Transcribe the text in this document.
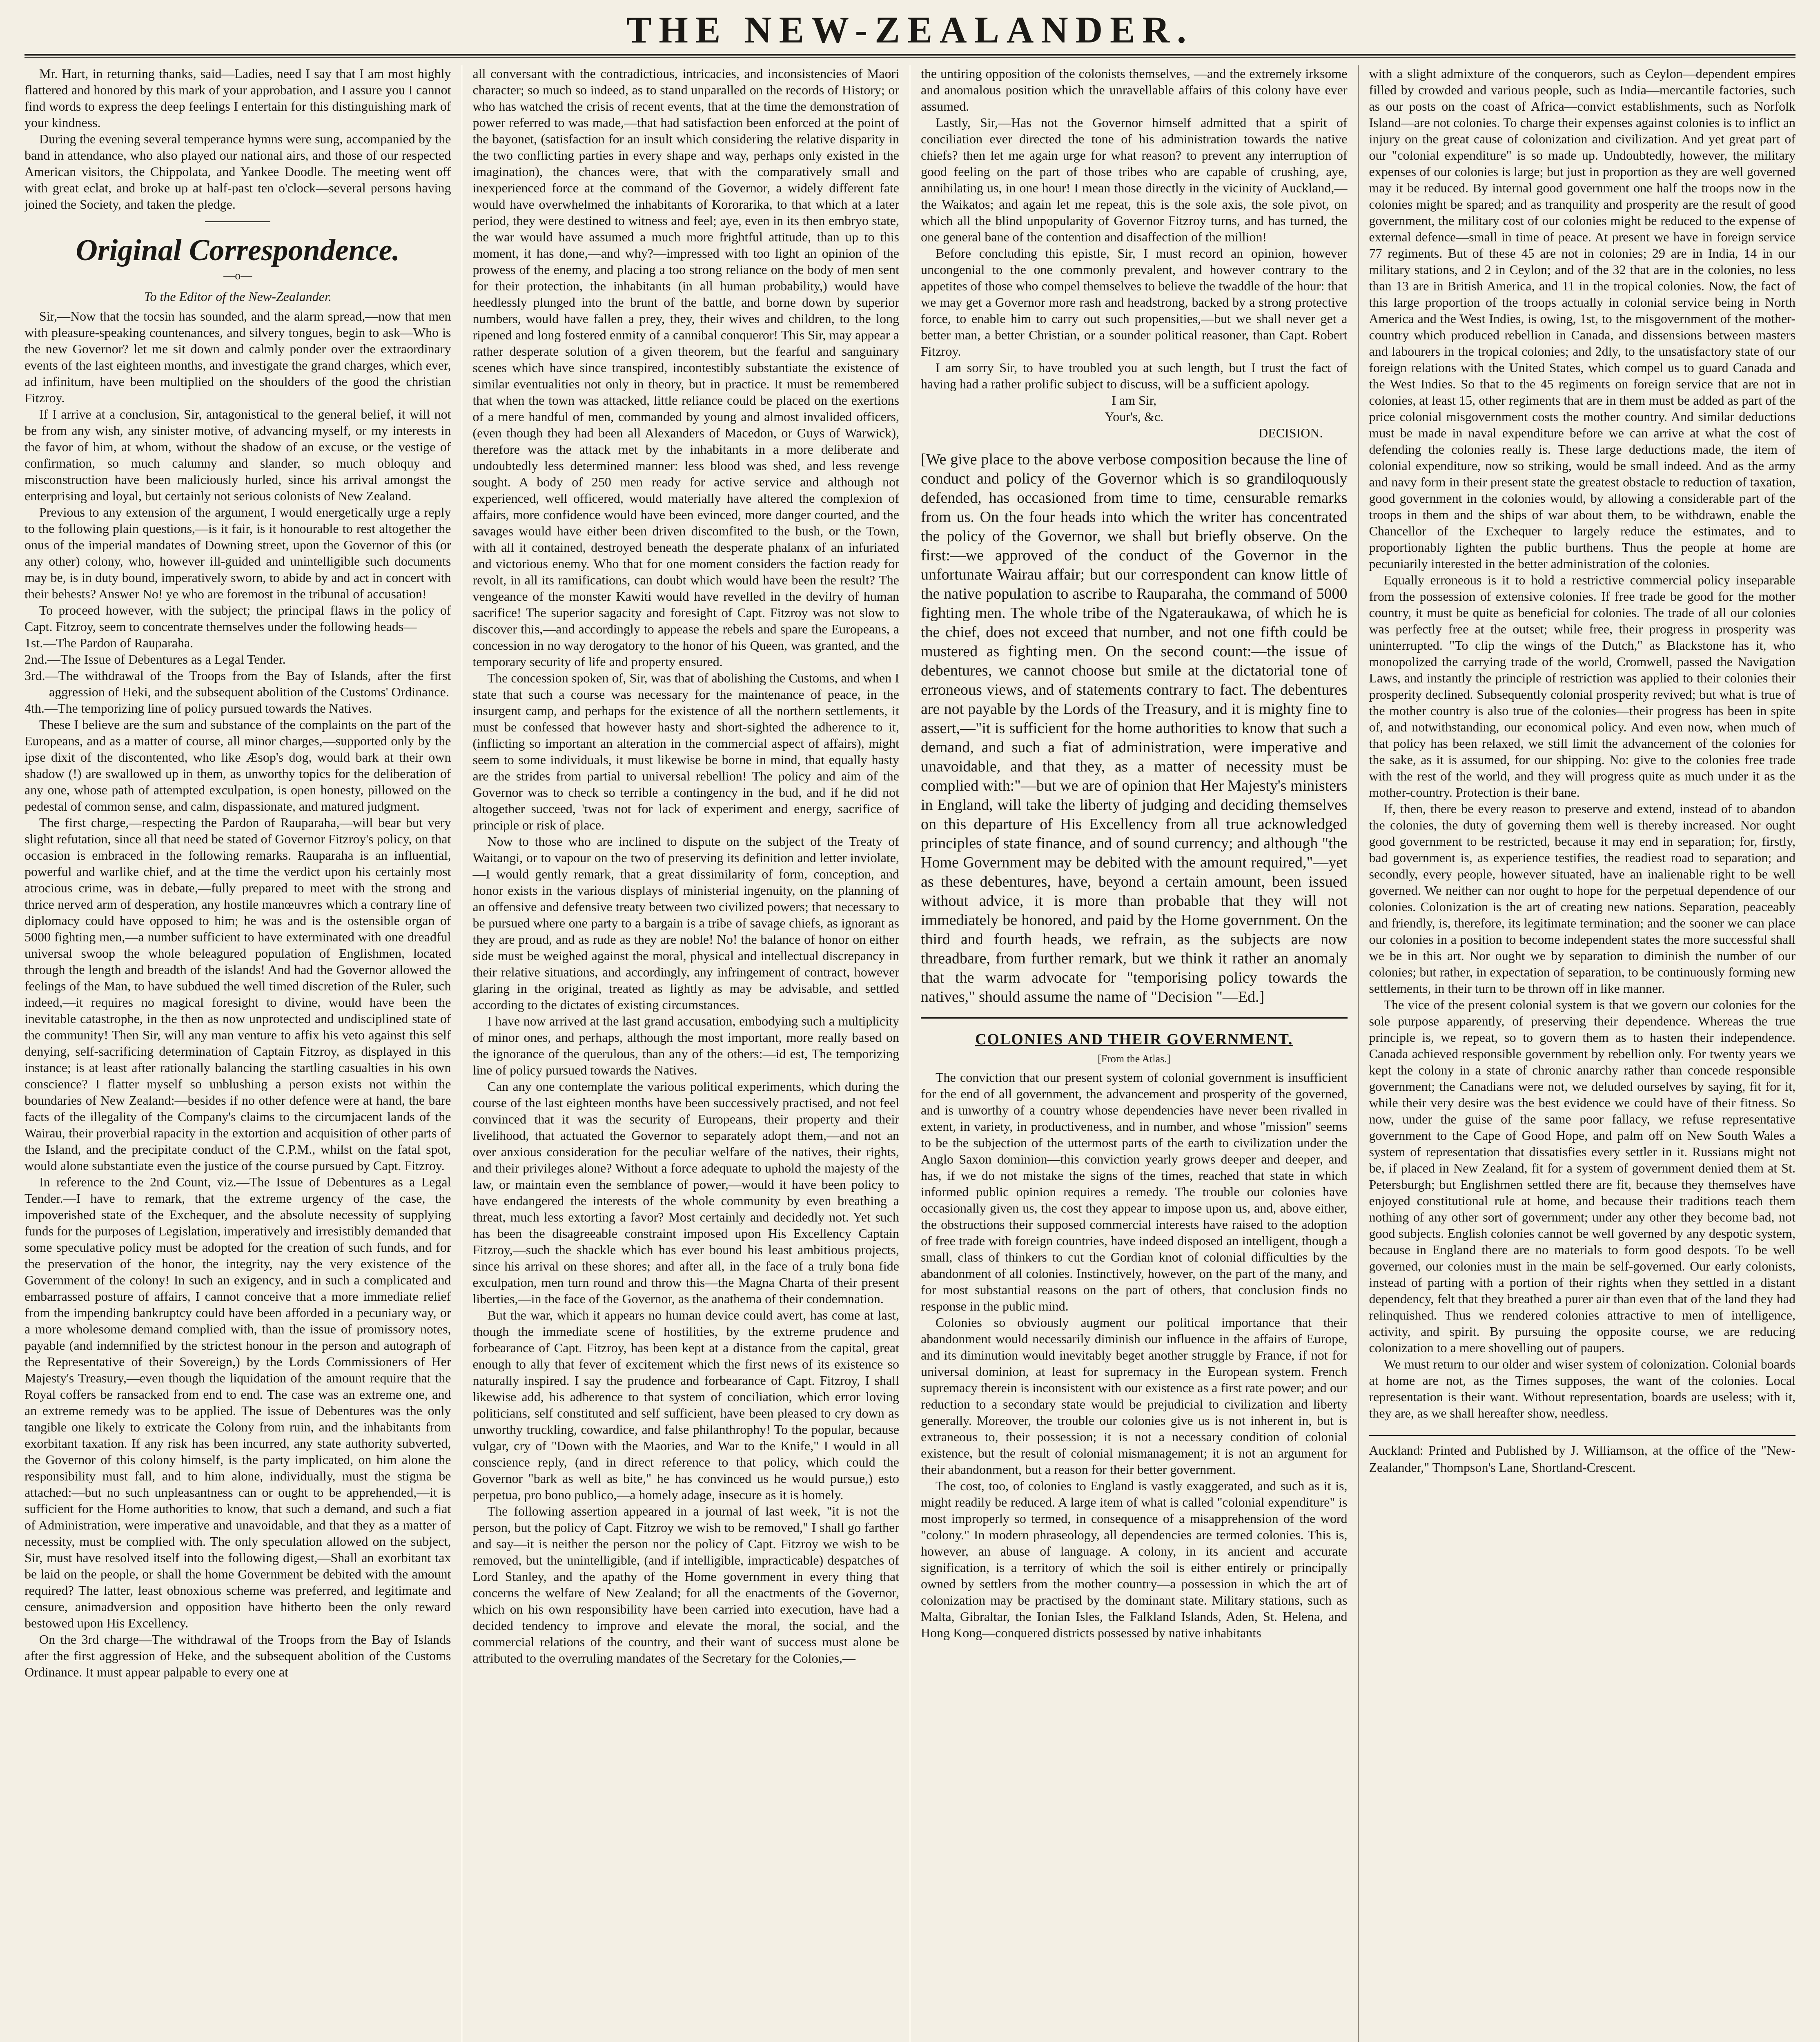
THE NEW-ZEALANDER.

Mr. Hart, in returning thanks, said—Ladies, need I say that I am most highly flattered and honored by this mark of your approbation, and I assure you I cannot find words to express the deep feelings I entertain for this distinguishing mark of your kindness.

During the evening several temperance hymns were sung, accompanied by the band in attendance, who also played our national airs, and those of our respected American visitors, the Chippolata, and Yankee Doodle. The meeting went off with great eclat, and broke up at half-past ten o'clock—several persons having joined the Society, and taken the pledge.

Original Correspondence.
—o—

To the Editor of the New-Zealander.

Sir,—Now that the tocsin has sounded, and the alarm spread,—now that men with pleasure-speaking countenances, and silvery tongues, begin to ask—Who is the new Governor? let me sit down and calmly ponder over the extraordinary events of the last eighteen months, and investigate the grand charges, which ever, ad infinitum, have been multiplied on the shoulders of the good the christian Fitzroy.

If I arrive at a conclusion, Sir, antagonistical to the general belief, it will not be from any wish, any sinister motive, of advancing myself, or my interests in the favor of him, at whom, without the shadow of an excuse, or the vestige of confirmation, so much calumny and slander, so much obloquy and misconstruction have been maliciously hurled, since his arrival amongst the enterprising and loyal, but certainly not serious colonists of New Zealand.

Previous to any extension of the argument, I would energetically urge a reply to the following plain questions,—is it fair, is it honourable to rest altogether the onus of the imperial mandates of Downing street, upon the Governor of this (or any other) colony, who, however ill-guided and unintelligible such documents may be, is in duty bound, imperatively sworn, to abide by and act in concert with their behests? Answer No! ye who are foremost in the tribunal of accusation!

To proceed however, with the subject; the principal flaws in the policy of Capt. Fitzroy, seem to concentrate themselves under the following heads—

1st.—The Pardon of Rauparaha.

2nd.—The Issue of Debentures as a Legal Tender.

3rd.—The withdrawal of the Troops from the Bay of Islands, after the first aggression of Heki, and the subsequent abolition of the Customs' Ordinance.

4th.—The temporizing line of policy pursued towards the Natives.

These I believe are the sum and substance of the complaints on the part of the Europeans, and as a matter of course, all minor charges,—supported only by the ipse dixit of the discontented, who like Æsop's dog, would bark at their own shadow (!) are swallowed up in them, as unworthy topics for the deliberation of any one, whose path of attempted exculpation, is open honesty, pillowed on the pedestal of common sense, and calm, dispassionate, and matured judgment.

The first charge,—respecting the Pardon of Rauparaha,—will bear but very slight refutation, since all that need be stated of Governor Fitzroy's policy, on that occasion is embraced in the following remarks. Rauparaha is an influential, powerful and warlike chief, and at the time the verdict upon his certainly most atrocious crime, was in debate,—fully prepared to meet with the strong and thrice nerved arm of desperation, any hostile manœuvres which a contrary line of diplomacy could have opposed to him; he was and is the ostensible organ of 5000 fighting men,—a number sufficient to have exterminated with one dreadful universal swoop the whole beleagured population of Englishmen, located through the length and breadth of the islands! And had the Governor allowed the feelings of the Man, to have subdued the well timed discretion of the Ruler, such indeed,—it requires no magical foresight to divine, would have been the inevitable catastrophe, in the then as now unprotected and undisciplined state of the community! Then Sir, will any man venture to affix his veto against this self denying, self-sacrificing determination of Captain Fitzroy, as displayed in this instance; is at least after rationally balancing the startling casualties in his own conscience? I flatter myself so unblushing a person exists not within the boundaries of New Zealand:—besides if no other defence were at hand, the bare facts of the illegality of the Company's claims to the circumjacent lands of the Wairau, their proverbial rapacity in the extortion and acquisition of other parts of the Island, and the precipitate conduct of the C.P.M., whilst on the fatal spot, would alone substantiate even the justice of the course pursued by Capt. Fitzroy.

In reference to the 2nd Count, viz.—The Issue of Debentures as a Legal Tender.—I have to remark, that the extreme urgency of the case, the impoverished state of the Exchequer, and the absolute necessity of supplying funds for the purposes of Legislation, imperatively and irresistibly demanded that some speculative policy must be adopted for the creation of such funds, and for the preservation of the honor, the integrity, nay the very existence of the Government of the colony! In such an exigency, and in such a complicated and embarrassed posture of affairs, I cannot conceive that a more immediate relief from the impending bankruptcy could have been afforded in a pecuniary way, or a more wholesome demand complied with, than the issue of promissory notes, payable (and indemnified by the strictest honour in the person and autograph of the Representative of their Sovereign,) by the Lords Commissioners of Her Majesty's Treasury,—even though the liquidation of the amount require that the Royal coffers be ransacked from end to end. The case was an extreme one, and an extreme remedy was to be applied. The issue of Debentures was the only tangible one likely to extricate the Colony from ruin, and the inhabitants from exorbitant taxation. If any risk has been incurred, any state authority subverted, the Governor of this colony himself, is the party implicated, on him alone the responsibility must fall, and to him alone, individually, must the stigma be attached:—but no such unpleasantness can or ought to be apprehended,—it is sufficient for the Home authorities to know, that such a demand, and such a fiat of Administration, were imperative and unavoidable, and that they as a matter of necessity, must be complied with. The only speculation allowed on the subject, Sir, must have resolved itself into the following digest,—Shall an exorbitant tax be laid on the people, or shall the home Government be debited with the amount required? The latter, least obnoxious scheme was preferred, and legitimate and censure, animadversion and opposition have hitherto been the only reward bestowed upon His Excellency.

On the 3rd charge—The withdrawal of the Troops from the Bay of Islands after the first aggression of Heke, and the subsequent abolition of the Customs Ordinance. It must appear palpable to every one at

all conversant with the contradictious, intricacies, and inconsistencies of Maori character; so much so indeed, as to stand unparalled on the records of History; or who has watched the crisis of recent events, that at the time the demonstration of power referred to was made,—that had satisfaction been enforced at the point of the bayonet, (satisfaction for an insult which considering the relative disparity in the two conflicting parties in every shape and way, perhaps only existed in the imagination), the chances were, that with the comparatively small and inexperienced force at the command of the Governor, a widely different fate would have overwhelmed the inhabitants of Kororarika, to that which at a later period, they were destined to witness and feel; aye, even in its then embryo state, the war would have assumed a much more frightful attitude, than up to this moment, it has done,—and why?—impressed with too light an opinion of the prowess of the enemy, and placing a too strong reliance on the body of men sent for their protection, the inhabitants (in all human probability,) would have heedlessly plunged into the brunt of the battle, and borne down by superior numbers, would have fallen a prey, they, their wives and children, to the long ripened and long fostered enmity of a cannibal conqueror! This Sir, may appear a rather desperate solution of a given theorem, but the fearful and sanguinary scenes which have since transpired, incontestibly substantiate the existence of similar eventualities not only in theory, but in practice. It must be remembered that when the town was attacked, little reliance could be placed on the exertions of a mere handful of men, commanded by young and almost invalided officers, (even though they had been all Alexanders of Macedon, or Guys of Warwick), therefore was the attack met by the inhabitants in a more deliberate and undoubtedly less determined manner: less blood was shed, and less revenge sought. A body of 250 men ready for active service and although not experienced, well officered, would materially have altered the complexion of affairs, more confidence would have been evinced, more danger courted, and the savages would have either been driven discomfited to the bush, or the Town, with all it contained, destroyed beneath the desperate phalanx of an infuriated and victorious enemy. Who that for one moment considers the faction ready for revolt, in all its ramifications, can doubt which would have been the result? The vengeance of the monster Kawiti would have revelled in the devilry of human sacrifice! The superior sagacity and foresight of Capt. Fitzroy was not slow to discover this,—and accordingly to appease the rebels and spare the Europeans, a concession in no way derogatory to the honor of his Queen, was granted, and the temporary security of life and property ensured.

The concession spoken of, Sir, was that of abolishing the Customs, and when I state that such a course was necessary for the maintenance of peace, in the insurgent camp, and perhaps for the existence of all the northern settlements, it must be confessed that however hasty and short-sighted the adherence to it, (inflicting so important an alteration in the commercial aspect of affairs), might seem to some individuals, it must likewise be borne in mind, that equally hasty are the strides from partial to universal rebellion! The policy and aim of the Governor was to check so terrible a contingency in the bud, and if he did not altogether succeed, 'twas not for lack of experiment and energy, sacrifice of principle or risk of place.

Now to those who are inclined to dispute on the subject of the Treaty of Waitangi, or to vapour on the two of preserving its definition and letter inviolate,—I would gently remark, that a great dissimilarity of form, conception, and honor exists in the various displays of ministerial ingenuity, on the planning of an offensive and defensive treaty between two civilized powers; that necessary to be pursued where one party to a bargain is a tribe of savage chiefs, as ignorant as they are proud, and as rude as they are noble! No! the balance of honor on either side must be weighed against the moral, physical and intellectual discrepancy in their relative situations, and accordingly, any infringement of contract, however glaring in the original, treated as lightly as may be advisable, and settled according to the dictates of existing circumstances.

I have now arrived at the last grand accusation, embodying such a multiplicity of minor ones, and perhaps, although the most important, more really based on the ignorance of the querulous, than any of the others:—id est, The temporizing line of policy pursued towards the Natives.

Can any one contemplate the various political experiments, which during the course of the last eighteen months have been successively practised, and not feel convinced that it was the security of Europeans, their property and their livelihood, that actuated the Governor to separately adopt them,—and not an over anxious consideration for the peculiar welfare of the natives, their rights, and their privileges alone? Without a force adequate to uphold the majesty of the law, or maintain even the semblance of power,—would it have been policy to have endangered the interests of the whole community by even breathing a threat, much less extorting a favor? Most certainly and decidedly not. Yet such has been the disagreeable constraint imposed upon His Excellency Captain Fitzroy,—such the shackle which has ever bound his least ambitious projects, since his arrival on these shores; and after all, in the face of a truly bona fide exculpation, men turn round and throw this—the Magna Charta of their present liberties,—in the face of the Governor, as the anathema of their condemnation.

But the war, which it appears no human device could avert, has come at last, though the immediate scene of hostilities, by the extreme prudence and forbearance of Capt. Fitzroy, has been kept at a distance from the capital, great enough to ally that fever of excitement which the first news of its existence so naturally inspired. I say the prudence and forbearance of Capt. Fitzroy, I shall likewise add, his adherence to that system of conciliation, which error loving politicians, self constituted and self sufficient, have been pleased to cry down as unworthy truckling, cowardice, and false philanthrophy! To the popular, because vulgar, cry of "Down with the Maories, and War to the Knife," I would in all conscience reply, (and in direct reference to that policy, which could the Governor "bark as well as bite," he has convinced us he would pursue,) esto perpetua, pro bono publico,—a homely adage, insecure as it is homely.

The following assertion appeared in a journal of last week, "it is not the person, but the policy of Capt. Fitzroy we wish to be removed," I shall go farther and say—it is neither the person nor the policy of Capt. Fitzroy we wish to be removed, but the unintelligible, (and if intelligible, impracticable) despatches of Lord Stanley, and the apathy of the Home government in every thing that concerns the welfare of New Zealand; for all the enactments of the Governor, which on his own responsibility have been carried into execution, have had a decided tendency to improve and elevate the moral, the social, and the commercial relations of the country, and their want of success must alone be attributed to the overruling mandates of the Secretary for the Colonies,—

the untiring opposition of the colonists themselves, —and the extremely irksome and anomalous position which the unravellable affairs of this colony have ever assumed.

Lastly, Sir,—Has not the Governor himself admitted that a spirit of conciliation ever directed the tone of his administration towards the native chiefs? then let me again urge for what reason? to prevent any interruption of good feeling on the part of those tribes who are capable of crushing, aye, annihilating us, in one hour! I mean those directly in the vicinity of Auckland,—the Waikatos; and again let me repeat, this is the sole axis, the sole pivot, on which all the blind unpopularity of Governor Fitzroy turns, and has turned, the one general bane of the contention and disaffection of the million!

Before concluding this epistle, Sir, I must record an opinion, however uncongenial to the one commonly prevalent, and however contrary to the appetites of those who compel themselves to believe the twaddle of the hour: that we may get a Governor more rash and headstrong, backed by a strong protective force, to enable him to carry out such propensities,—but we shall never get a better man, a better Christian, or a sounder political reasoner, than Capt. Robert Fitzroy.

I am sorry Sir, to have troubled you at such length, but I trust the fact of having had a rather prolific subject to discuss, will be a sufficient apology.

I am Sir,

Your's, &c.

DECISION.

[We give place to the above verbose composition because the line of conduct and policy of the Governor which is so grandiloquously defended, has occasioned from time to time, censurable remarks from us. On the four heads into which the writer has concentrated the policy of the Governor, we shall but briefly observe. On the first:—we approved of the conduct of the Governor in the unfortunate Wairau affair; but our correspondent can know little of the native population to ascribe to Rauparaha, the command of 5000 fighting men. The whole tribe of the Ngateraukawa, of which he is the chief, does not exceed that number, and not one fifth could be mustered as fighting men. On the second count:—the issue of debentures, we cannot choose but smile at the dictatorial tone of erroneous views, and of statements contrary to fact. The debentures are not payable by the Lords of the Treasury, and it is mighty fine to assert,—"it is sufficient for the home authorities to know that such a demand, and such a fiat of administration, were imperative and unavoidable, and that they, as a matter of necessity must be complied with:"—but we are of opinion that Her Majesty's ministers in England, will take the liberty of judging and deciding themselves on this departure of His Excellency from all true acknowledged principles of state finance, and of sound currency; and although "the Home Government may be debited with the amount required,"—yet as these debentures, have, beyond a certain amount, been issued without advice, it is more than probable that they will not immediately be honored, and paid by the Home government. On the third and fourth heads, we refrain, as the subjects are now threadbare, from further remark, but we think it rather an anomaly that the warm advocate for "temporising policy towards the natives," should assume the name of "Decision "—Ed.]

COLONIES AND THEIR GOVERNMENT.
[From the Atlas.]

The conviction that our present system of colonial government is insufficient for the end of all government, the advancement and prosperity of the governed, and is unworthy of a country whose dependencies have never been rivalled in extent, in variety, in productiveness, and in number, and whose "mission" seems to be the subjection of the uttermost parts of the earth to civilization under the Anglo Saxon dominion—this conviction yearly grows deeper and deeper, and has, if we do not mistake the signs of the times, reached that state in which informed public opinion requires a remedy. The trouble our colonies have occasionally given us, the cost they appear to impose upon us, and, above either, the obstructions their supposed commercial interests have raised to the adoption of free trade with foreign countries, have indeed disposed an intelligent, though a small, class of thinkers to cut the Gordian knot of colonial difficulties by the abandonment of all colonies. Instinctively, however, on the part of the many, and for most substantial reasons on the part of others, that conclusion finds no response in the public mind.

Colonies so obviously augment our political importance that their abandonment would necessarily diminish our influence in the affairs of Europe, and its diminution would inevitably beget another struggle by France, if not for universal dominion, at least for supremacy in the European system. French supremacy therein is inconsistent with our existence as a first rate power; and our reduction to a secondary state would be prejudicial to civilization and liberty generally. Moreover, the trouble our colonies give us is not inherent in, but is extraneous to, their possession; it is not a necessary condition of colonial existence, but the result of colonial mismanagement; it is not an argument for their abandonment, but a reason for their better government.

The cost, too, of colonies to England is vastly exaggerated, and such as it is, might readily be reduced. A large item of what is called "colonial expenditure" is most improperly so termed, in consequence of a misapprehension of the word "colony." In modern phraseology, all dependencies are termed colonies. This is, however, an abuse of language. A colony, in its ancient and accurate signification, is a territory of which the soil is either entirely or principally owned by settlers from the mother country—a possession in which the art of colonization may be practised by the dominant state. Military stations, such as Malta, Gibraltar, the Ionian Isles, the Falkland Islands, Aden, St. Helena, and Hong Kong—conquered districts possessed by native inhabitants

with a slight admixture of the conquerors, such as Ceylon—dependent empires filled by crowded and various people, such as India—mercantile factories, such as our posts on the coast of Africa—convict establishments, such as Norfolk Island—are not colonies. To charge their expenses against colonies is to inflict an injury on the great cause of colonization and civilization. And yet great part of our "colonial expenditure" is so made up. Undoubtedly, however, the military expenses of our colonies is large; but just in proportion as they are well governed may it be reduced. By internal good government one half the troops now in the colonies might be spared; and as tranquility and prosperity are the result of good government, the military cost of our colonies might be reduced to the expense of external defence—small in time of peace. At present we have in foreign service 77 regiments. But of these 45 are not in colonies; 29 are in India, 14 in our military stations, and 2 in Ceylon; and of the 32 that are in the colonies, no less than 13 are in British America, and 11 in the tropical colonies. Now, the fact of this large proportion of the troops actually in colonial service being in North America and the West Indies, is owing, 1st, to the misgovernment of the mother-country which produced rebellion in Canada, and dissensions between masters and labourers in the tropical colonies; and 2dly, to the unsatisfactory state of our foreign relations with the United States, which compel us to guard Canada and the West Indies. So that to the 45 regiments on foreign service that are not in colonies, at least 15, other regiments that are in them must be added as part of the price colonial misgovernment costs the mother country. And similar deductions must be made in naval expenditure before we can arrive at what the cost of defending the colonies really is. These large deductions made, the item of colonial expenditure, now so striking, would be small indeed. And as the army and navy form in their present state the greatest obstacle to reduction of taxation, good government in the colonies would, by allowing a considerable part of the troops in them and the ships of war about them, to be withdrawn, enable the Chancellor of the Exchequer to largely reduce the estimates, and to proportionably lighten the public burthens. Thus the people at home are pecuniarily interested in the better administration of the colonies.

Equally erroneous is it to hold a restrictive commercial policy inseparable from the possession of extensive colonies. If free trade be good for the mother country, it must be quite as beneficial for colonies. The trade of all our colonies was perfectly free at the outset; while free, their progress in prosperity was uninterrupted. "To clip the wings of the Dutch," as Blackstone has it, who monopolized the carrying trade of the world, Cromwell, passed the Navigation Laws, and instantly the principle of restriction was applied to their colonies their prosperity declined. Subsequently colonial prosperity revived; but what is true of the mother country is also true of the colonies—their progress has been in spite of, and notwithstanding, our economical policy. And even now, when much of that policy has been relaxed, we still limit the advancement of the colonies for the sake, as it is assumed, for our shipping. No: give to the colonies free trade with the rest of the world, and they will progress quite as much under it as the mother-country. Protection is their bane.

If, then, there be every reason to preserve and extend, instead of to abandon the colonies, the duty of governing them well is thereby increased. Nor ought good government to be restricted, because it may end in separation; for, firstly, bad government is, as experience testifies, the readiest road to separation; and secondly, every people, however situated, have an inalienable right to be well governed. We neither can nor ought to hope for the perpetual dependence of our colonies. Colonization is the art of creating new nations. Separation, peaceably and friendly, is, therefore, its legitimate termination; and the sooner we can place our colonies in a position to become independent states the more successful shall we be in this art. Nor ought we by separation to diminish the number of our colonies; but rather, in expectation of separation, to be continuously forming new settlements, in their turn to be thrown off in like manner.

The vice of the present colonial system is that we govern our colonies for the sole purpose apparently, of preserving their dependence. Whereas the true principle is, we repeat, so to govern them as to hasten their independence. Canada achieved responsible government by rebellion only. For twenty years we kept the colony in a state of chronic anarchy rather than concede responsible government; the Canadians were not, we deluded ourselves by saying, fit for it, while their very desire was the best evidence we could have of their fitness. So now, under the guise of the same poor fallacy, we refuse representative government to the Cape of Good Hope, and palm off on New South Wales a system of representation that dissatisfies every settler in it. Russians might not be, if placed in New Zealand, fit for a system of government denied them at St. Petersburgh; but Englishmen settled there are fit, because they themselves have enjoyed constitutional rule at home, and because their traditions teach them nothing of any other sort of government; under any other they become bad, not good subjects. English colonies cannot be well governed by any despotic system, because in England there are no materials to form good despots. To be well governed, our colonies must in the main be self-governed. Our early colonists, instead of parting with a portion of their rights when they settled in a distant dependency, felt that they breathed a purer air than even that of the land they had relinquished. Thus we rendered colonies attractive to men of intelligence, activity, and spirit. By pursuing the opposite course, we are reducing colonization to a mere shovelling out of paupers.

We must return to our older and wiser system of colonization. Colonial boards at home are not, as the Times supposes, the want of the colonies. Local representation is their want. Without representation, boards are useless; with it, they are, as we shall hereafter show, needless.

Auckland: Printed and Published by J. Williamson, at the office of the "New-Zealander," Thompson's Lane, Shortland-Crescent.
